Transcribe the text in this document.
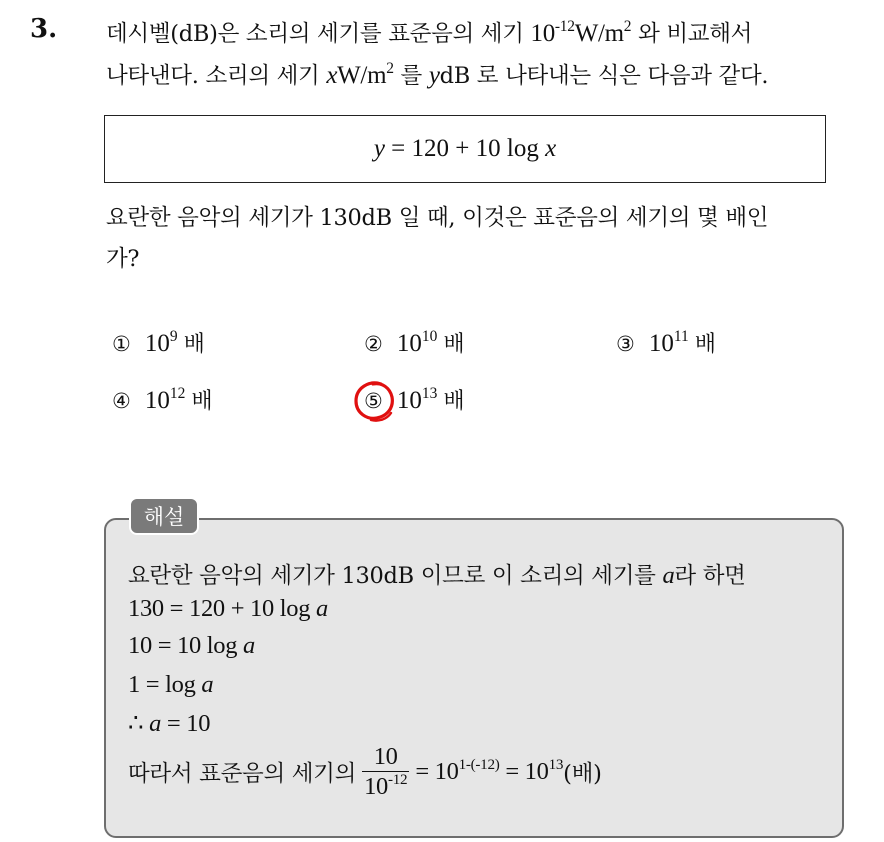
3. 데시벨(dB)은 소리의 세기를 표준음의 세기 $10^{-12}W/m^2$ 와 비교해서
나타낸다. 소리의 세기 $xW/m^2$ 를 ydB 로 나타내는 식은 다음과 같다.
y = 120 + 10 log x
요란한 음악의 세기가 130dB 일 때, 이것은 표준음의 세기의 몇 배인
가?
① $10^9$ 배	② $10^{10}$ 배	③ $10^{11}$ 배
④ $10^{12}$ 배	⑤ $10^{13}$ 배
해설
요란한 음악의 세기가 130dB 이므로 이 소리의 세기를 a라 하면
130 = 120 + 10 log a
10 = 10 log a
1 = log a
∴ a = 10
따라서 표준음의 세기의 $\frac{10}{10^{-12}} = 10^{1-(-12)} = 10^{13}$ (배)
